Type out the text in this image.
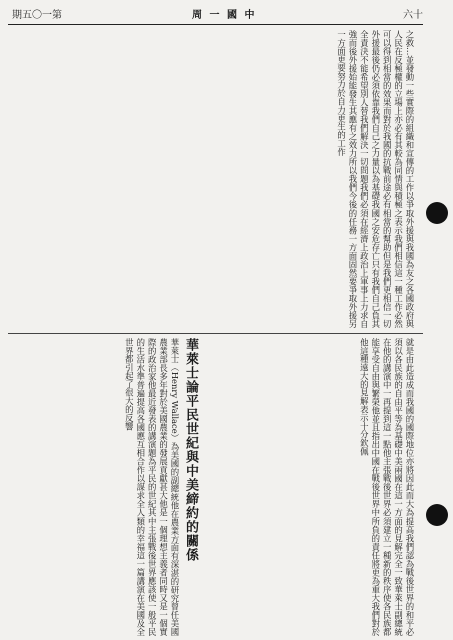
期五〇一第	周 一 國 中	六十
之救…並發動一些實際的組織和宣傳的工作以爭取外援與我國為友之各國政府與人民在反極權的立場上亦必有其較為同情與積極之表示我們相信這一種工作必然可以得到相當的效果而對於我國的抗戰前途必有相當的幫助但是我們更相信一切外援最後仍必須依靠我們自己之力量以為基礎我國之安危存亡只有我們自己負其全責決不能希望別人替我們解決一切問題我們必須在經濟上政治上軍事上力求自強而後外援始能發生其應有之效力所以我們今後的任務一方面固然要爭取外援另一方面更要努力於自力更生的工作
就是由此造成而我國的國際地位亦將因此而大為提高我們認為戰後世界的和平必須以各民族的自由平等為基礎中美兩國在這一方面的見解完全一致華萊士副總統在他的講演中一再提到這一點他主張戰後世界必須建立一種新的秩序使各民族都能享受自由與繁榮他並且指出中國在戰後世界中所負的責任將更為重大我們對於他這種遠大的見解表示十分欽佩
華萊士論平民世紀與中美締約的關係
華萊士（Henry Wallace）為美國的副總統他在農業方面有深湛的研究曾任美國農業部長多年對於美國農業的發展貢獻甚大他是一個理想主義者同時又是一個實際的政治家他最近發表的講演題為平民的世紀其中主張戰後世界應該使一般平民的生活水準普遍提高各國應互相合作以謀求全人類的幸福這一篇講演在美國及全世界都引起了很大的反響
